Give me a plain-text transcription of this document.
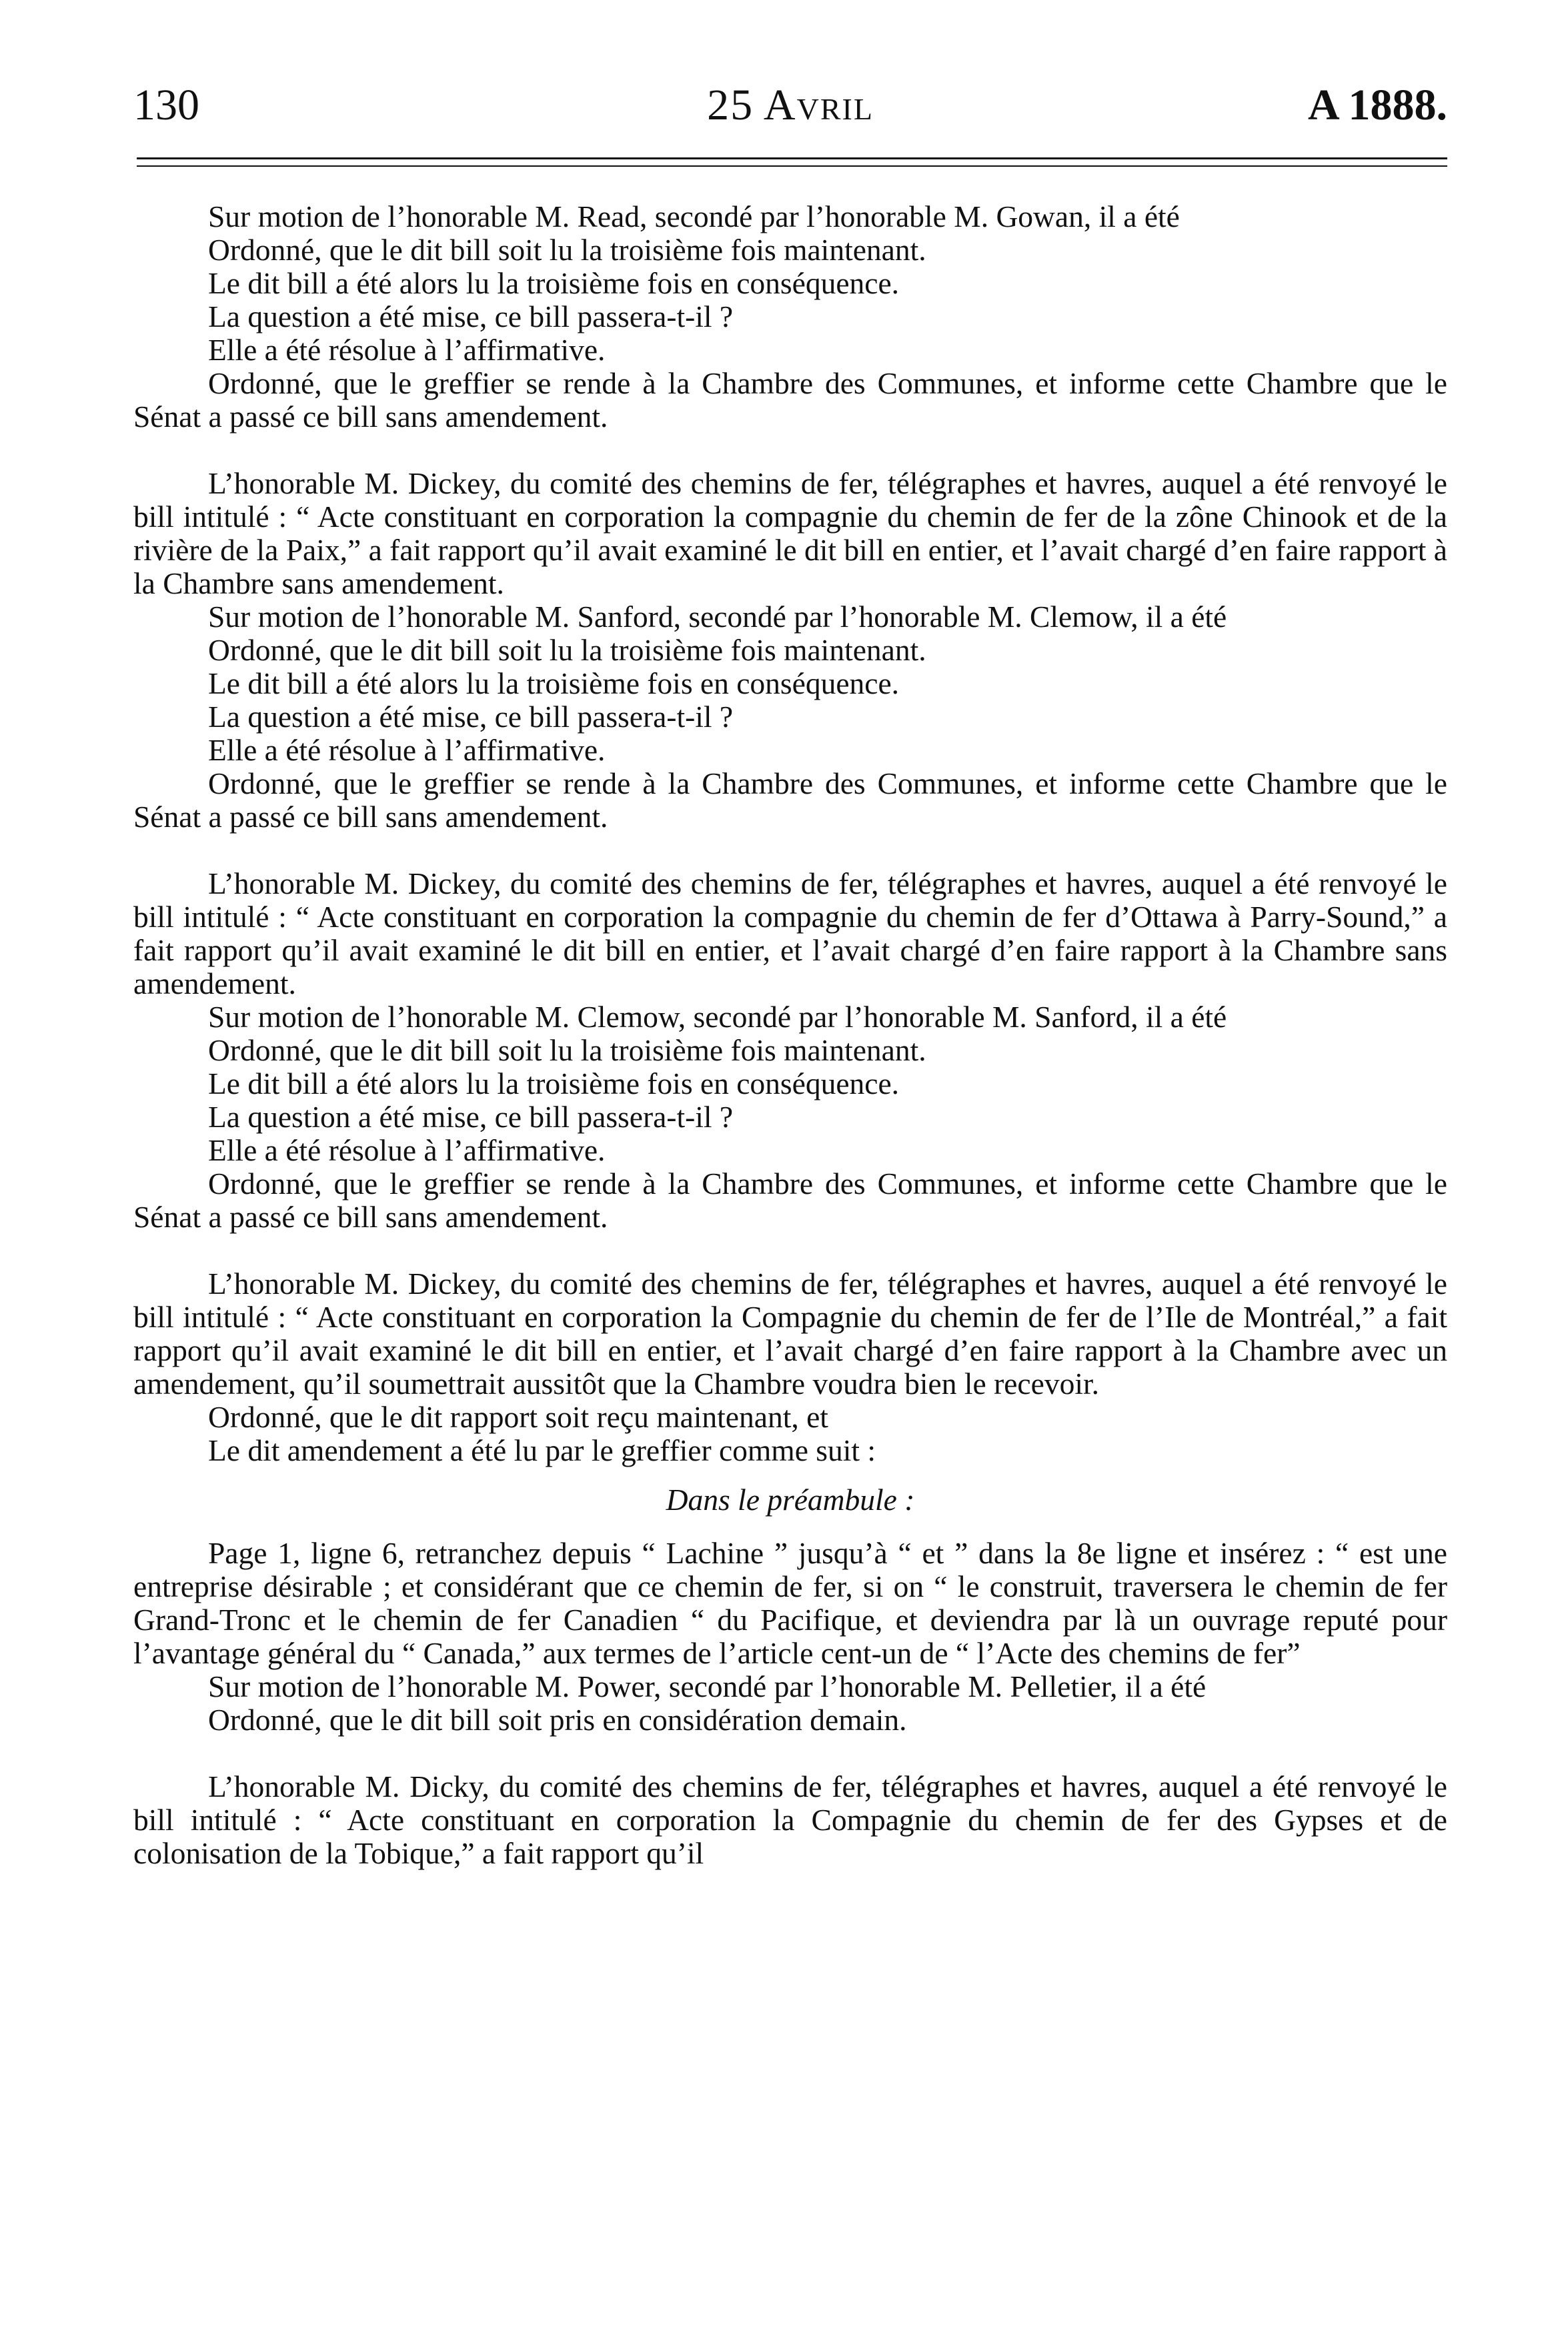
130	25 Avril	A 1888.

Sur motion de l’honorable M. Read, secondé par l’honorable M. Gowan, il a été

Ordonné, que le dit bill soit lu la troisième fois maintenant.

Le dit bill a été alors lu la troisième fois en conséquence.

La question a été mise, ce bill passera-t-il ?

Elle a été résolue à l’affirmative.

Ordonné, que le greffier se rende à la Chambre des Communes, et informe cette Chambre que le Sénat a passé ce bill sans amendement.

L’honorable M. Dickey, du comité des chemins de fer, télégraphes et havres, auquel a été renvoyé le bill intitulé : “ Acte constituant en corporation la compagnie du chemin de fer de la zône Chinook et de la rivière de la Paix,” a fait rapport qu’il avait examiné le dit bill en entier, et l’avait chargé d’en faire rapport à la Chambre sans amendement.

Sur motion de l’honorable M. Sanford, secondé par l’honorable M. Clemow, il a été

Ordonné, que le dit bill soit lu la troisième fois maintenant.

Le dit bill a été alors lu la troisième fois en conséquence.

La question a été mise, ce bill passera-t-il ?

Elle a été résolue à l’affirmative.

Ordonné, que le greffier se rende à la Chambre des Communes, et informe cette Chambre que le Sénat a passé ce bill sans amendement.

L’honorable M. Dickey, du comité des chemins de fer, télégraphes et havres, auquel a été renvoyé le bill intitulé : “ Acte constituant en corporation la compagnie du chemin de fer d’Ottawa à Parry-Sound,” a fait rapport qu’il avait examiné le dit bill en entier, et l’avait chargé d’en faire rapport à la Chambre sans amendement.

Sur motion de l’honorable M. Clemow, secondé par l’honorable M. Sanford, il a été

Ordonné, que le dit bill soit lu la troisième fois maintenant.

Le dit bill a été alors lu la troisième fois en conséquence.

La question a été mise, ce bill passera-t-il ?

Elle a été résolue à l’affirmative.

Ordonné, que le greffier se rende à la Chambre des Communes, et informe cette Chambre que le Sénat a passé ce bill sans amendement.

L’honorable M. Dickey, du comité des chemins de fer, télégraphes et havres, auquel a été renvoyé le bill intitulé : “ Acte constituant en corporation la Compagnie du chemin de fer de l’Ile de Montréal,” a fait rapport qu’il avait examiné le dit bill en entier, et l’avait chargé d’en faire rapport à la Chambre avec un amendement, qu’il soumettrait aussitôt que la Chambre voudra bien le recevoir.

Ordonné, que le dit rapport soit reçu maintenant, et

Le dit amendement a été lu par le greffier comme suit :

Dans le préambule :

Page 1, ligne 6, retranchez depuis “ Lachine ” jusqu’à “ et ” dans la 8e ligne et insérez : “ est une entreprise désirable ; et considérant que ce chemin de fer, si on “ le construit, traversera le chemin de fer Grand-Tronc et le chemin de fer Canadien “ du Pacifique, et deviendra par là un ouvrage reputé pour l’avantage général du “ Canada,” aux termes de l’article cent-un de “ l’Acte des chemins de fer”

Sur motion de l’honorable M. Power, secondé par l’honorable M. Pelletier, il a été

Ordonné, que le dit bill soit pris en considération demain.

L’honorable M. Dicky, du comité des chemins de fer, télégraphes et havres, auquel a été renvoyé le bill intitulé : “ Acte constituant en corporation la Compagnie du chemin de fer des Gypses et de colonisation de la Tobique,” a fait rapport qu’il
